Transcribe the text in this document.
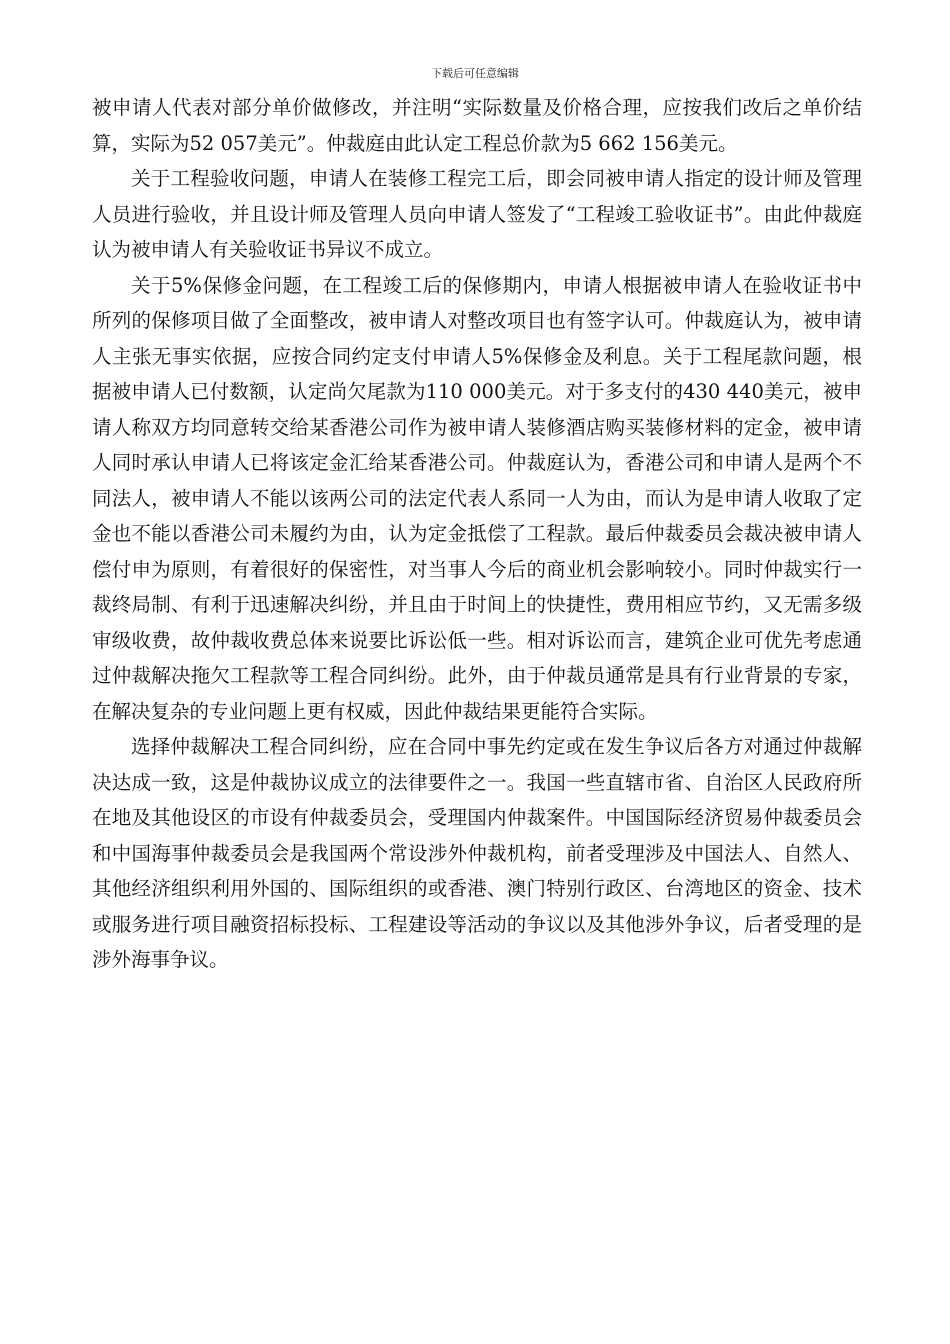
下载后可任意编辑

被申请人代表对部分单价做修改，并注明“实际数量及价格合理，应按我们改后之单价结算，实际为52 057美元”。仲裁庭由此认定工程总价款为5 662 156美元。

关于工程验收问题，申请人在装修工程完工后，即会同被申请人指定的设计师及管理人员进行验收，并且设计师及管理人员向申请人签发了“工程竣工验收证书”。由此仲裁庭认为被申请人有关验收证书异议不成立。

关于5%保修金问题，在工程竣工后的保修期内，申请人根据被申请人在验收证书中所列的保修项目做了全面整改，被申请人对整改项目也有签字认可。仲裁庭认为，被申请人主张无事实依据，应按合同约定支付申请人5%保修金及利息。关于工程尾款问题，根据被申请人已付数额，认定尚欠尾款为110 000美元。对于多支付的430 440美元，被申请人称双方均同意转交给某香港公司作为被申请人装修酒店购买装修材料的定金，被申请人同时承认申请人已将该定金汇给某香港公司。仲裁庭认为，香港公司和申请人是两个不同法人，被申请人不能以该两公司的法定代表人系同一人为由，而认为是申请人收取了定金也不能以香港公司未履约为由，认为定金抵偿了工程款。最后仲裁委员会裁决被申请人偿付申为原则，有着很好的保密性，对当事人今后的商业机会影响较小。同时仲裁实行一裁终局制、有利于迅速解决纠纷，并且由于时间上的快捷性，费用相应节约，又无需多级审级收费，故仲裁收费总体来说要比诉讼低一些。相对诉讼而言，建筑企业可优先考虑通过仲裁解决拖欠工程款等工程合同纠纷。此外，由于仲裁员通常是具有行业背景的专家，在解决复杂的专业问题上更有权威，因此仲裁结果更能符合实际。

选择仲裁解决工程合同纠纷，应在合同中事先约定或在发生争议后各方对通过仲裁解决达成一致，这是仲裁协议成立的法律要件之一。我国一些直辖市省、自治区人民政府所在地及其他设区的市设有仲裁委员会，受理国内仲裁案件。中国国际经济贸易仲裁委员会和中国海事仲裁委员会是我国两个常设涉外仲裁机构，前者受理涉及中国法人、自然人、其他经济组织利用外国的、国际组织的或香港、澳门特别行政区、台湾地区的资金、技术或服务进行项目融资招标投标、工程建设等活动的争议以及其他涉外争议，后者受理的是涉外海事争议。
